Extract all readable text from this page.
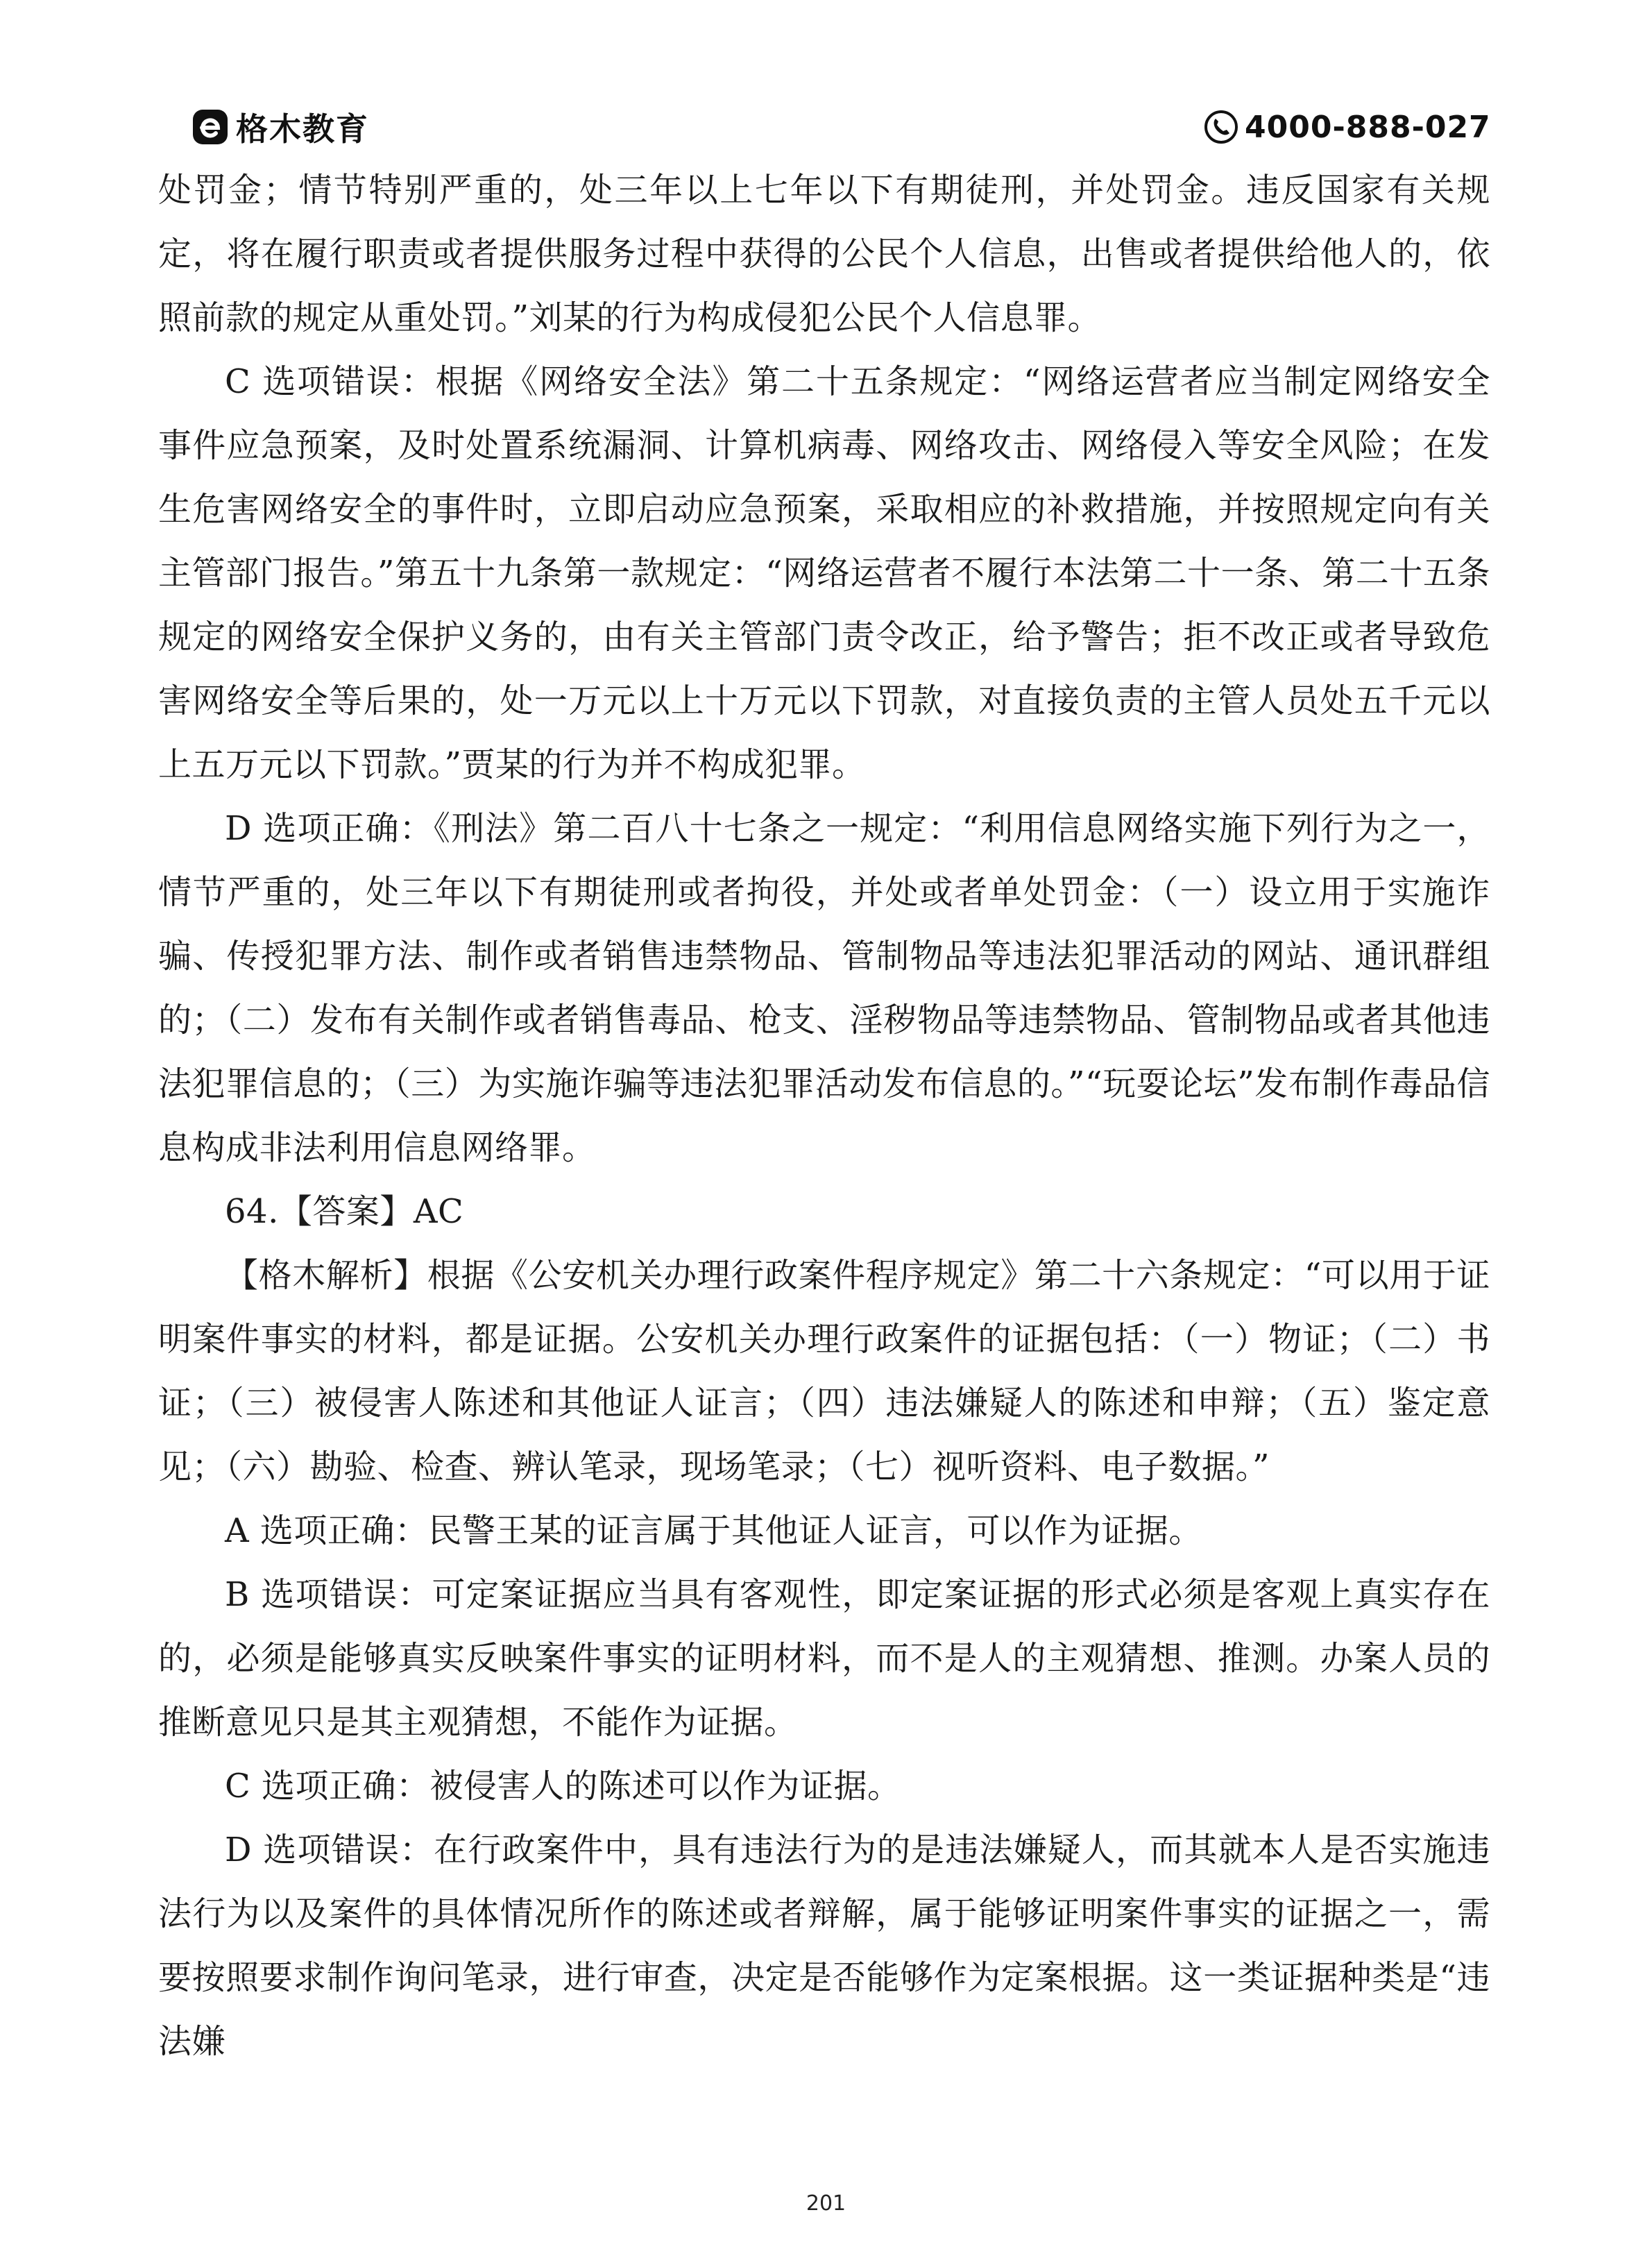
格木教育	4000-888-027

处罚金；情节特别严重的，处三年以上七年以下有期徒刑，并处罚金。违反国家有关规定，将在履行职责或者提供服务过程中获得的公民个人信息，出售或者提供给他人的，依照前款的规定从重处罚。”刘某的行为构成侵犯公民个人信息罪。

C 选项错误：根据《网络安全法》第二十五条规定：“网络运营者应当制定网络安全事件应急预案，及时处置系统漏洞、计算机病毒、网络攻击、网络侵入等安全风险；在发生危害网络安全的事件时，立即启动应急预案，采取相应的补救措施，并按照规定向有关主管部门报告。”第五十九条第一款规定：“网络运营者不履行本法第二十一条、第二十五条规定的网络安全保护义务的，由有关主管部门责令改正，给予警告；拒不改正或者导致危害网络安全等后果的，处一万元以上十万元以下罚款，对直接负责的主管人员处五千元以上五万元以下罚款。”贾某的行为并不构成犯罪。

D 选项正确：《刑法》第二百八十七条之一规定：“利用信息网络实施下列行为之一，情节严重的，处三年以下有期徒刑或者拘役，并处或者单处罚金：（一）设立用于实施诈骗、传授犯罪方法、制作或者销售违禁物品、管制物品等违法犯罪活动的网站、通讯群组的；（二）发布有关制作或者销售毒品、枪支、淫秽物品等违禁物品、管制物品或者其他违法犯罪信息的；（三）为实施诈骗等违法犯罪活动发布信息的。”“玩耍论坛”发布制作毒品信息构成非法利用信息网络罪。

64.【答案】AC

【格木解析】根据《公安机关办理行政案件程序规定》第二十六条规定：“可以用于证明案件事实的材料，都是证据。公安机关办理行政案件的证据包括：（一）物证；（二）书证；（三）被侵害人陈述和其他证人证言；（四）违法嫌疑人的陈述和申辩；（五）鉴定意见；（六）勘验、检查、辨认笔录，现场笔录；（七）视听资料、电子数据。”

A 选项正确：民警王某的证言属于其他证人证言，可以作为证据。

B 选项错误：可定案证据应当具有客观性，即定案证据的形式必须是客观上真实存在的，必须是能够真实反映案件事实的证明材料，而不是人的主观猜想、推测。办案人员的推断意见只是其主观猜想，不能作为证据。

C 选项正确：被侵害人的陈述可以作为证据。

D 选项错误：在行政案件中，具有违法行为的是违法嫌疑人，而其就本人是否实施违法行为以及案件的具体情况所作的陈述或者辩解，属于能够证明案件事实的证据之一，需要按照要求制作询问笔录，进行审查，决定是否能够作为定案根据。这一类证据种类是“违法嫌

201
